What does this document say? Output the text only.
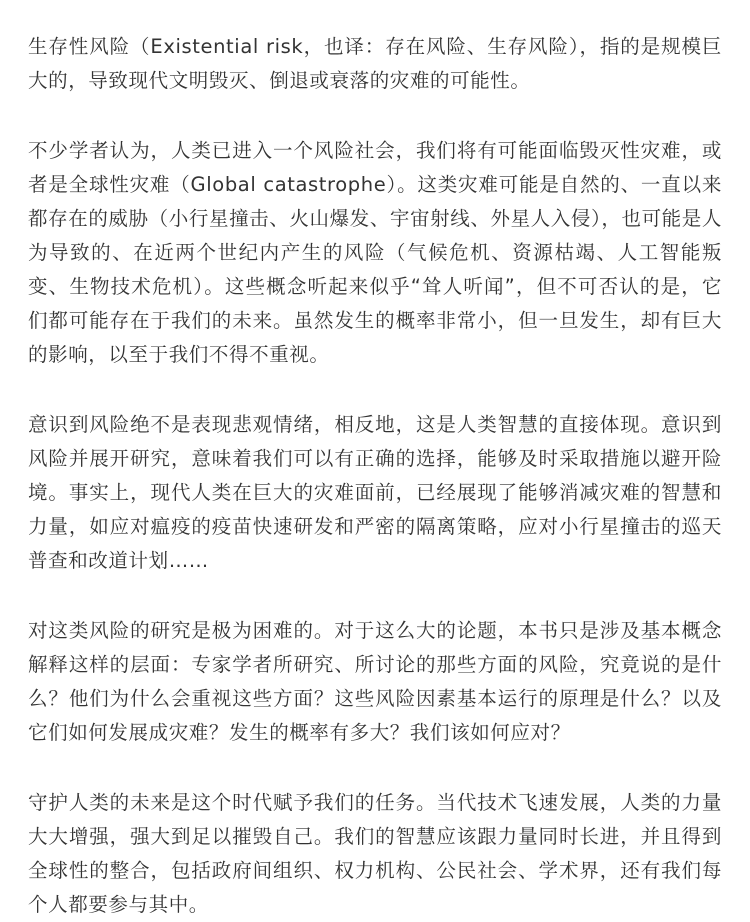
生存性风险（Existential risk，也译：存在风险、生存风险），指的是规模巨大的，导致现代文明毁灭、倒退或衰落的灾难的可能性。

不少学者认为，人类已进入一个风险社会，我们将有可能面临毁灭性灾难，或者是全球性灾难（Global catastrophe）。这类灾难可能是自然的、一直以来都存在的威胁（小行星撞击、火山爆发、宇宙射线、外星人入侵），也可能是人为导致的、在近两个世纪内产生的风险（气候危机、资源枯竭、人工智能叛变、生物技术危机）。这些概念听起来似乎“耸人听闻”，但不可否认的是，它们都可能存在于我们的未来。虽然发生的概率非常小，但一旦发生，却有巨大的影响，以至于我们不得不重视。

意识到风险绝不是表现悲观情绪，相反地，这是人类智慧的直接体现。意识到风险并展开研究，意味着我们可以有正确的选择，能够及时采取措施以避开险境。事实上，现代人类在巨大的灾难面前，已经展现了能够消减灾难的智慧和力量，如应对瘟疫的疫苗快速研发和严密的隔离策略，应对小行星撞击的巡天普查和改道计划……

对这类风险的研究是极为困难的。对于这么大的论题，本书只是涉及基本概念解释这样的层面：专家学者所研究、所讨论的那些方面的风险，究竟说的是什么？他们为什么会重视这些方面？这些风险因素基本运行的原理是什么？以及它们如何发展成灾难？发生的概率有多大？我们该如何应对？

守护人类的未来是这个时代赋予我们的任务。当代技术飞速发展，人类的力量大大增强，强大到足以摧毁自己。我们的智慧应该跟力量同时长进，并且得到全球性的整合，包括政府间组织、权力机构、公民社会、学术界，还有我们每个人都要参与其中。
